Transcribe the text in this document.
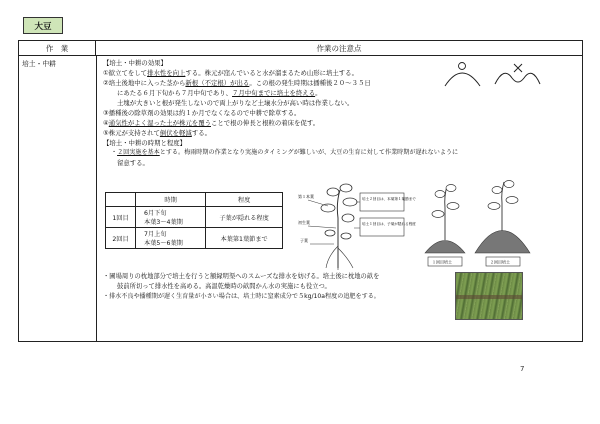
大豆
作　業	作業の注意点
培土・中耕	【培土・中耕の効果】
①歓立てをして排水性を向上する。株元が窪んでいると水が溜まるため山形に培土する。
②培土後地中に入った茎から新根（不定根）が出る。この根の発生時期は播種後２０～３５日
にあたる６月下旬から７月中旬であり、７月中旬までに培土を終える。
土塊が大きいと根が発生しないので両上がりなど土壌水分が高い時は作業しない。
③播種後の除草剤の効果は約１か月でなくなるので中耕で除草する。
④通気性がよく湿った土が株元を覆うことで根の伸長と根粒の着床を促す。
⑤株元が支持されて倒伏を軽減する。
【培土・中耕の時期と程度】
・２回実施を基本とする。梅雨時期の作業となり実施のタイミングが難しいが、大豆の生育に対して作業時期が遅れないように
留意する。
	時期	程度
1回目	6月下旬
本葉3～4葉期	子葉が隠れる程度
2回目	7月上旬
本葉5～6葉期	本葉第1葉節まで
第１本葉
初生葉
子葉
培土２回目は、本葉第１葉節まで
培土１回目は、子葉が隠れる程度
１回目培土	２回目培土
・圃場周りの枕地部分で培土を行うと額縁明渠へのスムーズな排水を妨げる。培土後に枕地の畝を
鼓前所切って排水性を高める。高温乾燥時の畝間かん水の実施にも役立つ。
・排水不良や播種期が遅く生育量が小さい場合は、培土時に窒素成分で５kg/10a程度の追肥をする。
7
